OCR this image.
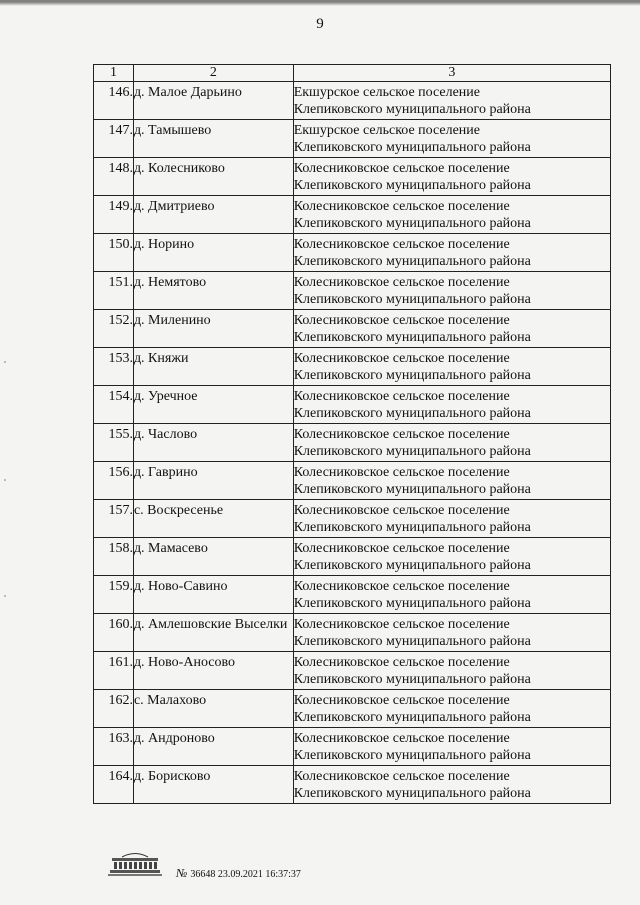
9
1	2	3

146.	д. Малое Дарьино	Екшурское сельское поселение
Клепиковского муниципального района

147.	д. Тамышево	Екшурское сельское поселение
Клепиковского муниципального района

148.	д. Колесниково	Колесниковское сельское поселение
Клепиковского муниципального района

149.	д. Дмитриево	Колесниковское сельское поселение
Клепиковского муниципального района

150.	д. Норино	Колесниковское сельское поселение
Клепиковского муниципального района

151.	д. Немятово	Колесниковское сельское поселение
Клепиковского муниципального района

152.	д. Миленино	Колесниковское сельское поселение
Клепиковского муниципального района

153.	д. Княжи	Колесниковское сельское поселение
Клепиковского муниципального района

154.	д. Уречное	Колесниковское сельское поселение
Клепиковского муниципального района

155.	д. Часлово	Колесниковское сельское поселение
Клепиковского муниципального района

156.	д. Гаврино	Колесниковское сельское поселение
Клепиковского муниципального района

157.	с. Воскресенье	Колесниковское сельское поселение
Клепиковского муниципального района

158.	д. Мамасево	Колесниковское сельское поселение
Клепиковского муниципального района

159.	д. Ново-Савино	Колесниковское сельское поселение
Клепиковского муниципального района

160.	д. Амлешовские Выселки	Колесниковское сельское поселение
Клепиковского муниципального района

161.	д. Ново-Аносово	Колесниковское сельское поселение
Клепиковского муниципального района

162.	с. Малахово	Колесниковское сельское поселение
Клепиковского муниципального района

163.	д. Андроново	Колесниковское сельское поселение
Клепиковского муниципального района

164.	д. Борисково	Колесниковское сельское поселение
Клепиковского муниципального района
№ 36648 23.09.2021 16:37:37
